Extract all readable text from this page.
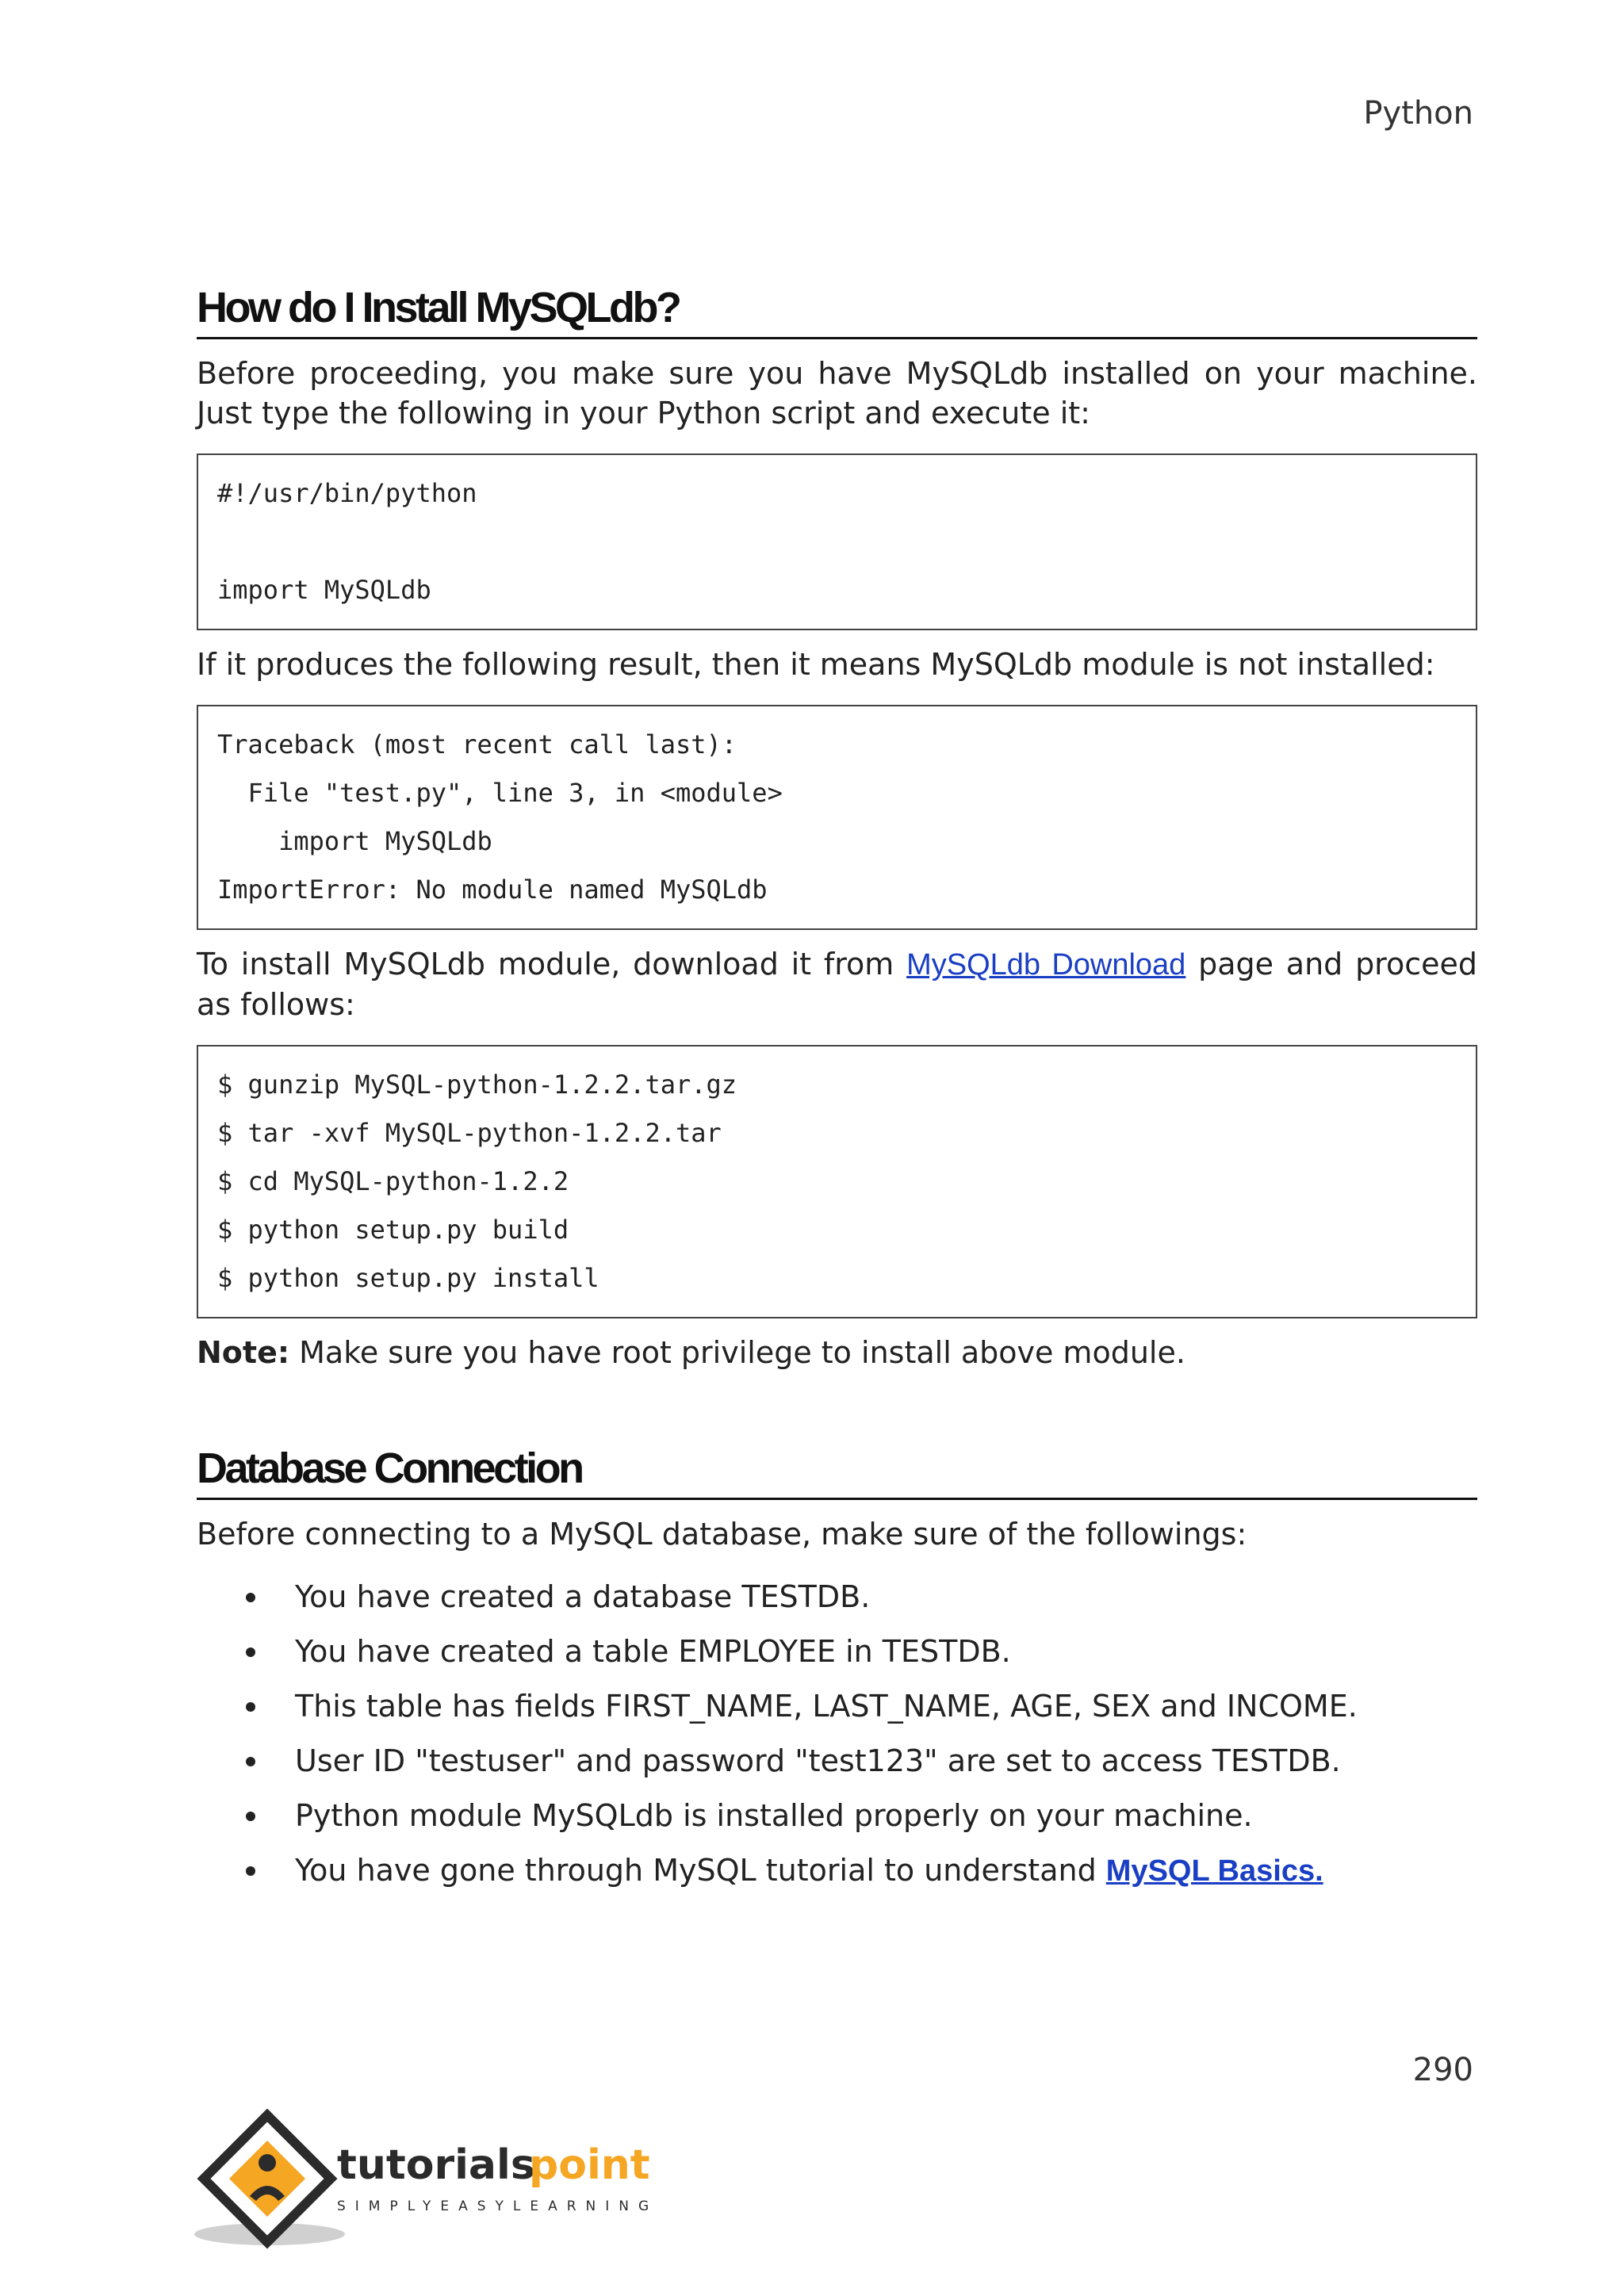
Python
How do I Install MySQLdb?

Before proceeding, you make sure you have MySQLdb installed on your machine. Just type the following in your Python script and execute it:

#!/usr/bin/python
import MySQLdb

If it produces the following result, then it means MySQLdb module is not installed:

Traceback (most recent call last):
File "test.py", line 3, in <module>
import MySQLdb
ImportError: No module named MySQLdb

To install MySQLdb module, download it from MySQLdb Download page and proceed as follows:

$ gunzip MySQL-python-1.2.2.tar.gz
$ tar -xvf MySQL-python-1.2.2.tar
$ cd MySQL-python-1.2.2
$ python setup.py build
$ python setup.py install

Note: Make sure you have root privilege to install above module.

Database Connection

Before connecting to a MySQL database, make sure of the followings:

You have created a database TESTDB.
You have created a table EMPLOYEE in TESTDB.
This table has fields FIRST_NAME, LAST_NAME, AGE, SEX and INCOME.
User ID "testuser" and password "test123" are set to access TESTDB.
Python module MySQLdb is installed properly on your machine.
You have gone through MySQL tutorial to understand MySQL Basics.
290
tutorials
point
SIMPLYEASYLEARNING
